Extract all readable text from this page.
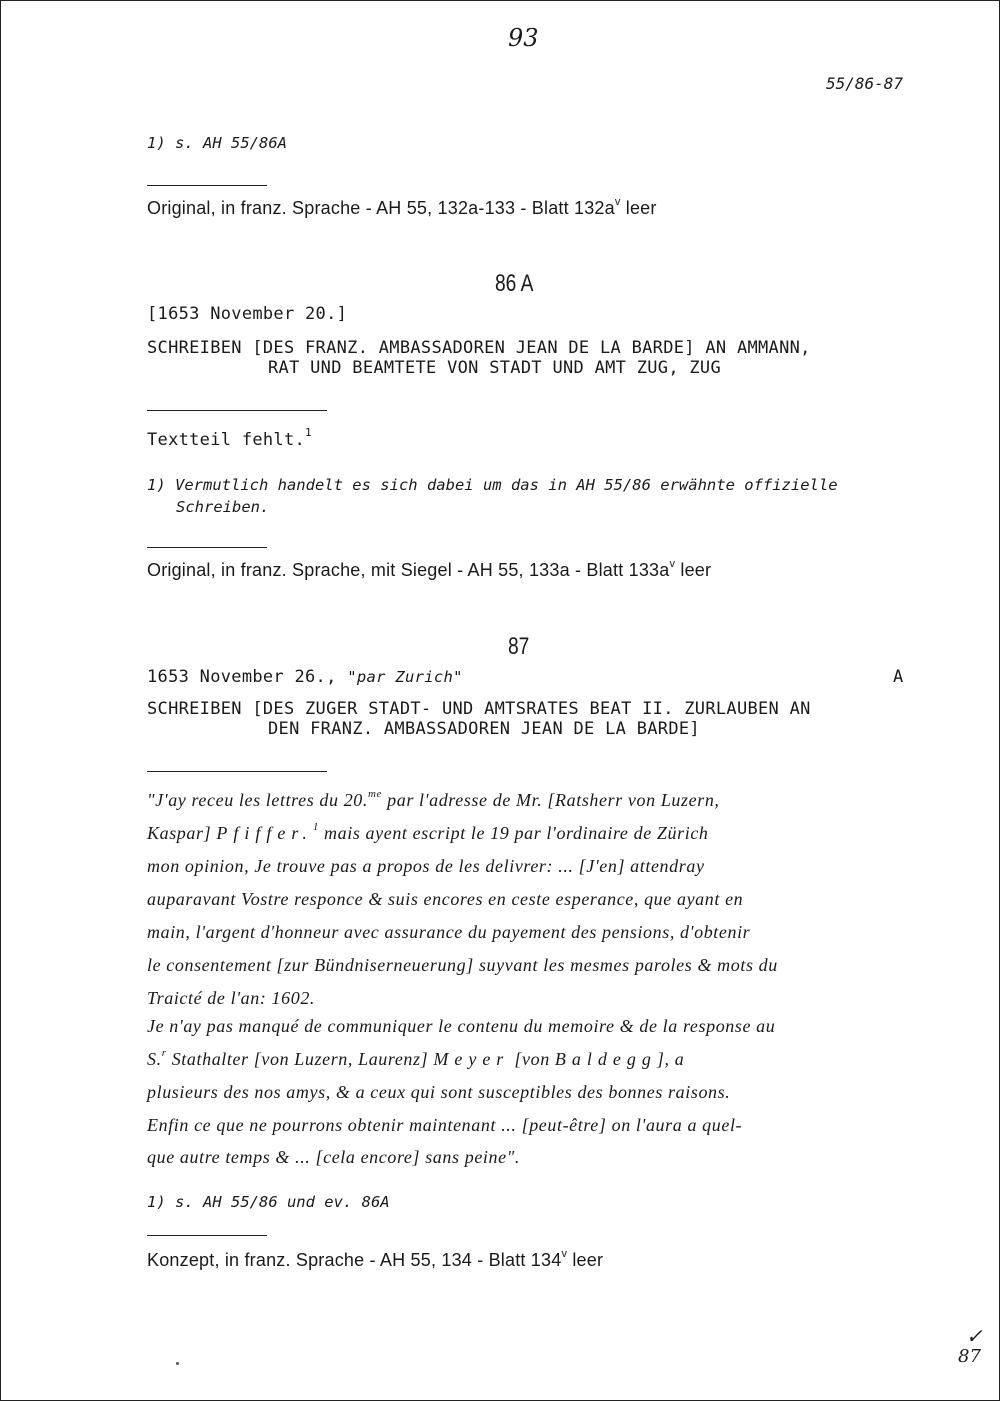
93
55/86-87
1) s. AH 55/86A
Original, in franz. Sprache - AH 55, 132a-133 - Blatt $132a^v$ leer
86 A
[1653 November 20.]
SCHREIBEN [DES FRANZ. AMBASSADOREN JEAN DE LA BARDE] AN AMMANN,
RAT UND BEAMTETE VON STADT UND AMT ZUG, ZUG
Textteil fehlt.$^1$
1) Vermutlich handelt es sich dabei um das in AH 55/86 erwähnte offizielle
Schreiben.
Original, in franz. Sprache, mit Siegel - AH 55, 133a - Blatt $133a^v$ leer
87
1653 November 26., "par Zurich"	A
SCHREIBEN [DES ZUGER STADT- UND AMTSRATES BEAT II. ZURLAUBEN AN
DEN FRANZ. AMBASSADOREN JEAN DE LA BARDE]
"J'ay receu les lettres du 20.$^{me}$ par l'adresse de Mr. [Ratsherr von Luzern,
Kaspar] Pfiffer.$^1$ mais ayent escript le 19 par l'ordinaire de Zürich
mon opinion, Je trouve pas a propos de les delivrer: ... [J'en] attendray
auparavant Vostre responce & suis encores en ceste esperance, que ayant en
main, l'argent d'honneur avec assurance du payement des pensions, d'obtenir
le consentement [zur Bündniserneuerung] suyvant les mesmes paroles & mots du
Traicté de l'an: 1602.
Je n'ay pas manqué de communiquer le contenu du memoire & de la response au
S.$^r$ Stathalter [von Luzern, Laurenz] Meyer [von Baldegg], a
plusieurs des nos amys, & a ceux qui sont susceptibles des bonnes raisons.
Enfin ce que ne pourrons obtenir maintenant ... [peut-être] on l'aura a quel-
que autre temps & ... [cela encore] sans peine".
1) s. AH 55/86 und ev. 86A
Konzept, in franz. Sprache - AH 55, 134 - Blatt 134$^v$ leer
✓
87
